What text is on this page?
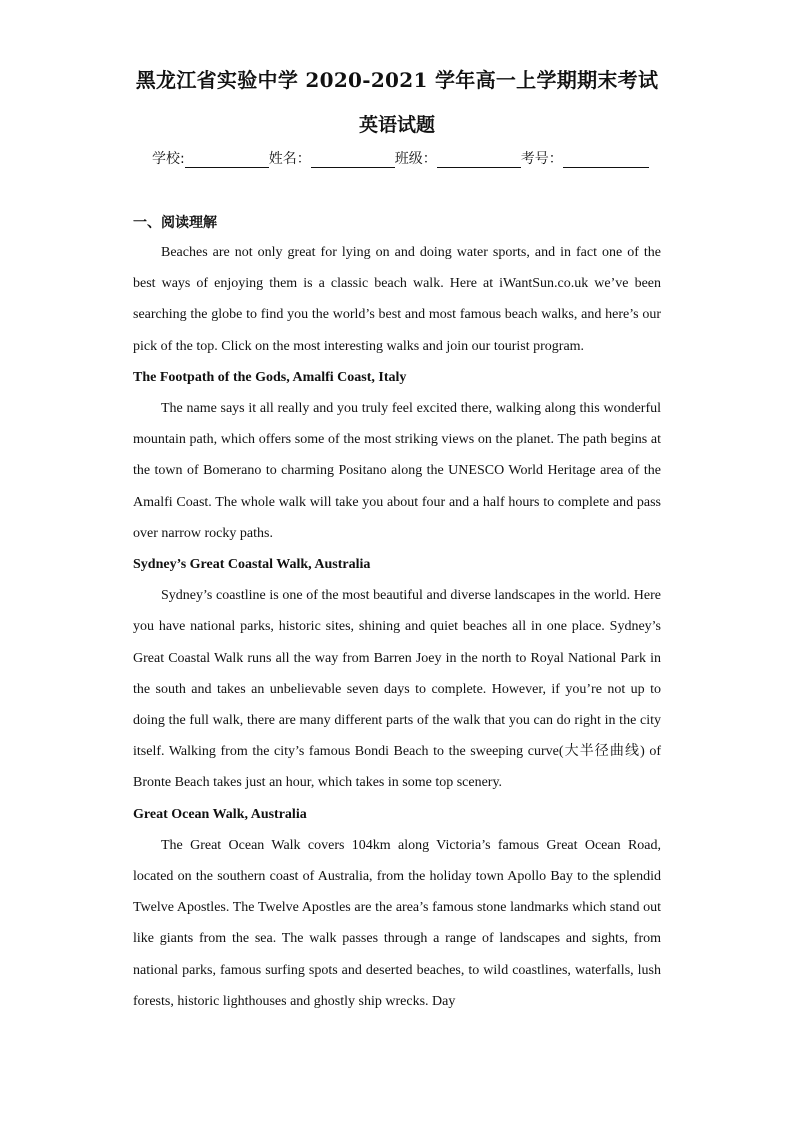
黑龙江省实验中学 2020-2021 学年高一上学期期末考试
英语试题
学校:	姓名：	班级：	考号：
一、阅读理解

Beaches are not only great for lying on and doing water sports, and in fact one of the best ways of enjoying them is a classic beach walk. Here at iWantSun.co.uk we’ve been searching the globe to find you the world’s best and most famous beach walks, and here’s our pick of the top. Click on the most interesting walks and join our tourist program.

The Footpath of the Gods, Amalfi Coast, Italy

The name says it all really and you truly feel excited there, walking along this wonderful mountain path, which offers some of the most striking views on the planet. The path begins at the town of Bomerano to charming Positano along the UNESCO World Heritage area of the Amalfi Coast. The whole walk will take you about four and a half hours to complete and pass over narrow rocky paths.

Sydney’s Great Coastal Walk, Australia

Sydney’s coastline is one of the most beautiful and diverse landscapes in the world. Here you have national parks, historic sites, shining and quiet beaches all in one place. Sydney’s Great Coastal Walk runs all the way from Barren Joey in the north to Royal National Park in the south and takes an unbelievable seven days to complete. However, if you’re not up to doing the full walk, there are many different parts of the walk that you can do right in the city itself. Walking from the city’s famous Bondi Beach to the sweeping curve(大半径曲线) of Bronte Beach takes just an hour, which takes in some top scenery.

Great Ocean Walk, Australia

The Great Ocean Walk covers 104km along Victoria’s famous Great Ocean Road, located on the southern coast of Australia, from the holiday town Apollo Bay to the splendid Twelve Apostles. The Twelve Apostles are the area’s famous stone landmarks which stand out like giants from the sea. The walk passes through a range of landscapes and sights, from national parks, famous surfing spots and deserted beaches, to wild coastlines, waterfalls, lush forests, historic lighthouses and ghostly ship wrecks. Day
